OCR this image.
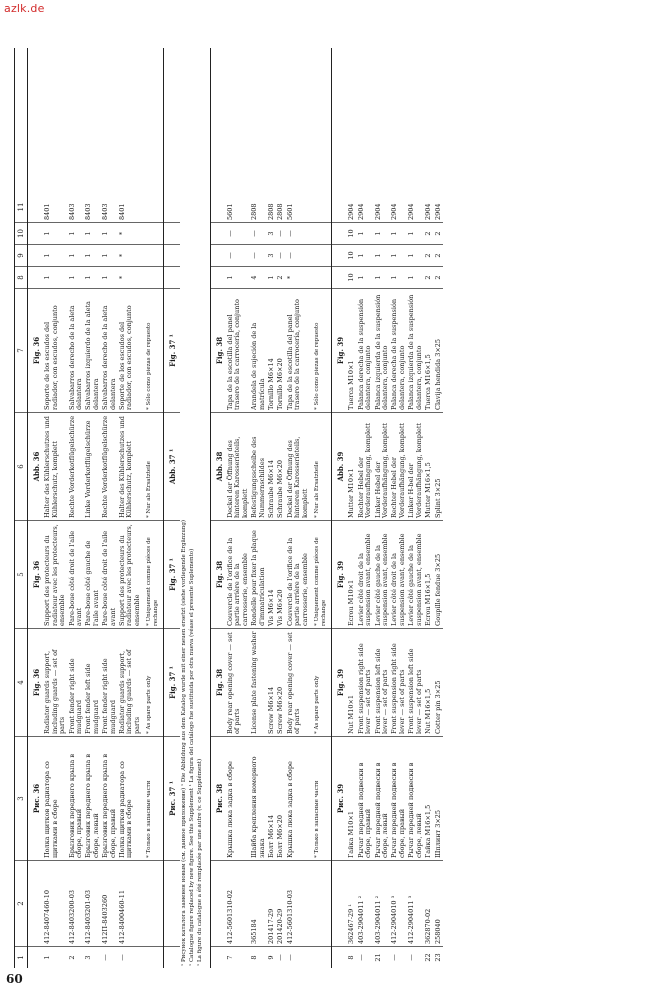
azlk.de
60
1
2
3
4
5
6
7
8
9
10
11
Рис. 36
Fig. 36
Fig. 36
Abb. 36
Fig. 36
1
412-8407460-10
Полка щитков радиатора со щитками в сборе
Radiator guards support, including guards — set of parts
Support des protecteurs du radiateur avec les protecteurs, ensemble
Halter des Kühlerschutzes und Kühlerschutz, komplett
Soporte de los escudos del radiador, con escudos, conjunto
1
1
1
8401
2
412-8403200-03
Брызговик переднего крыла в сборе, правый
Front fender right side mudguard
Pare-boue côté droit de l'aile avant
Rechte Vorderkotflügelschürze
Salvabarros derecho de la aleta delantera
1
1
1
8403
3
412-8403201-03
Брызговик переднего крыла в сборе, левый
Front fender left side mudguard
Pare-boue côté gauche de l'aile avant
Linke Vorderkotflügelschürze
Salvabarros izquierdo de la aleta delantera
1
1
1
8403
—
412П-8403260
Брызговик переднего крыла в сборе, правый
Front fender right side mudguard
Pare-boue côté droit de l'aile avant
Rechte Vorderkotflügelschürze
Salvabarros derecho de la aleta delantera
1
1
1
8403
—
412-8400460-11
Полка щитков радиатора со щитками в сборе
Radiator guards support, including guards — set of parts
Support des protecteurs du radiateur avec les protecteurs, ensemble
Halter des Kühlerschutzes und Kühlerschutz, komplett
Soporte de los escudos del radiador, con escudos, conjunto
*
*
*
8401
* Только в запасные части
* As spare parts only
* Uniquement comme pièces de rechange
* Nur als Ersatzteile
* Sólo como piezas de repuesto
Рис. 37 ¹
Fig. 37 ¹
Fig. 37 ¹
Abb. 37 ¹
Fig. 37 ¹
¹ Рисунок каталога заменен новым (см. данное приложение) ¹ Die Abbildung aus dem Katalog wurde mit einer neuen ersetzt (siehe vorliegende Ergänzung) ¹ Catalogue figure replaced by new figure. See this Supplement ¹ La figura del catálogo fue sustituida por otra nueva (véase el presente Suplemento) ¹ La figure du catalogue a été remplacée par une autre (v. ce Supplément)	Рис. 38
Fig. 38
Fig. 38
Abb. 38
Fig. 38
7
412-5601310-02
Крышка люка задка в сборе
Body rear opening cover — set of parts
Couvercle de l'orifice de la partie arrière de la carrosserie, ensemble
Deckel der Öffnung des hinteren Karosserieteils, komplett
Tapa de la escotilla del panel trasero de la carrocería, conjunto
1
—
—
5601
8
365184
Шайба крепления номерного знака
License plate fastening washer
Rondelle pour fixer la plaque d'immatriculation
Befestigungsscheibe des Nummernschildes
Arandela de sujeción de la matrícula
4
—
—
2808
9
201417-29
Болт М6×14
Screw M6×14
Vis M6×14
Schraube M6×14
Tornillo M6×14
1
3
3
2808
—
201420-29
Болт М6×20
Screw M6×20
Vis M6×20
Schraube M6×20
Tornillo M6×20
2
—
—
2808
—
412-5601310-03
Крышка люка задка в сборе
Body rear opening cover — set of parts
Couvercle de l'orifice de la partie arrière de la carrosserie, ensemble
Deckel der Öffnung des hinteren Karosserieteils, komplett
Tapa de la escotilla del panel trasero de la carrocería, conjunto
*
—
—
5601
* Только в запасные части
* As spare parts only
* Uniquement comme pièces de rechange
* Nur als Ersatzteile
* Sólo como piezas de repuesto
Рис. 39
Fig. 39
Fig. 39
Abb. 39
Fig. 39
8
362467-29 ¹
Гайка М10×1
Nut M10×1
Ecrou M10×1
Mutter M10×1
Tuerca M10×1
10
10
10
2904
—
403-2904011 ²
Рычаг передней подвески в сборе, правый
Front suspension right side lever — set of parts
Levier côté droit de la suspension avant, ensemble
Rechter Hebel der Vorderaufhängung, komplett
Palanca derecha de la suspensión delantera, conjunto
1
1
1
2904
21
403-2904011 ²
Рычаг передней подвески в сборе, левый
Front suspension left side lever — set of parts
Levier côté gauche de la suspension avant, ensemble
Linker Hebel der Vorderaufhängung, komplett
Palanca izquierda de la suspensión delantera, conjunto
1
1
1
2904
—
412-2904010 ³
Рычаг передней подвески в сборе, правый
Front suspension right side lever — set of parts
Levier côté droit de la suspension avant, ensemble
Rechter Hebel der Vorderaufhängung, komplett
Palanca derecha de la suspensión delantera, conjunto
1
1
1
2904
—
412-2904011 ³
Рычаг передней подвески в сборе, левый
Front suspension left side lever — set of parts
Levier côté gauche de la suspension avant, ensemble
Linker H-bel der Vorderaufhängung, komplett
Palanca izquierda de la suspensión delantera, conjunto
1
1
1
2904
22
362870-02
Гайка М16×1,5
Nut M16×1,5
Ecrou M16×1,5
Mutter M16×1,5
Tuerca M16×1,5
2
2
2
2904
23
258040
Шплинт 3×25
Cotter pin 3×25
Goupille fendue 3×25
Splint 3×25
Clavija hendida 3×25
2
2
2
2904
